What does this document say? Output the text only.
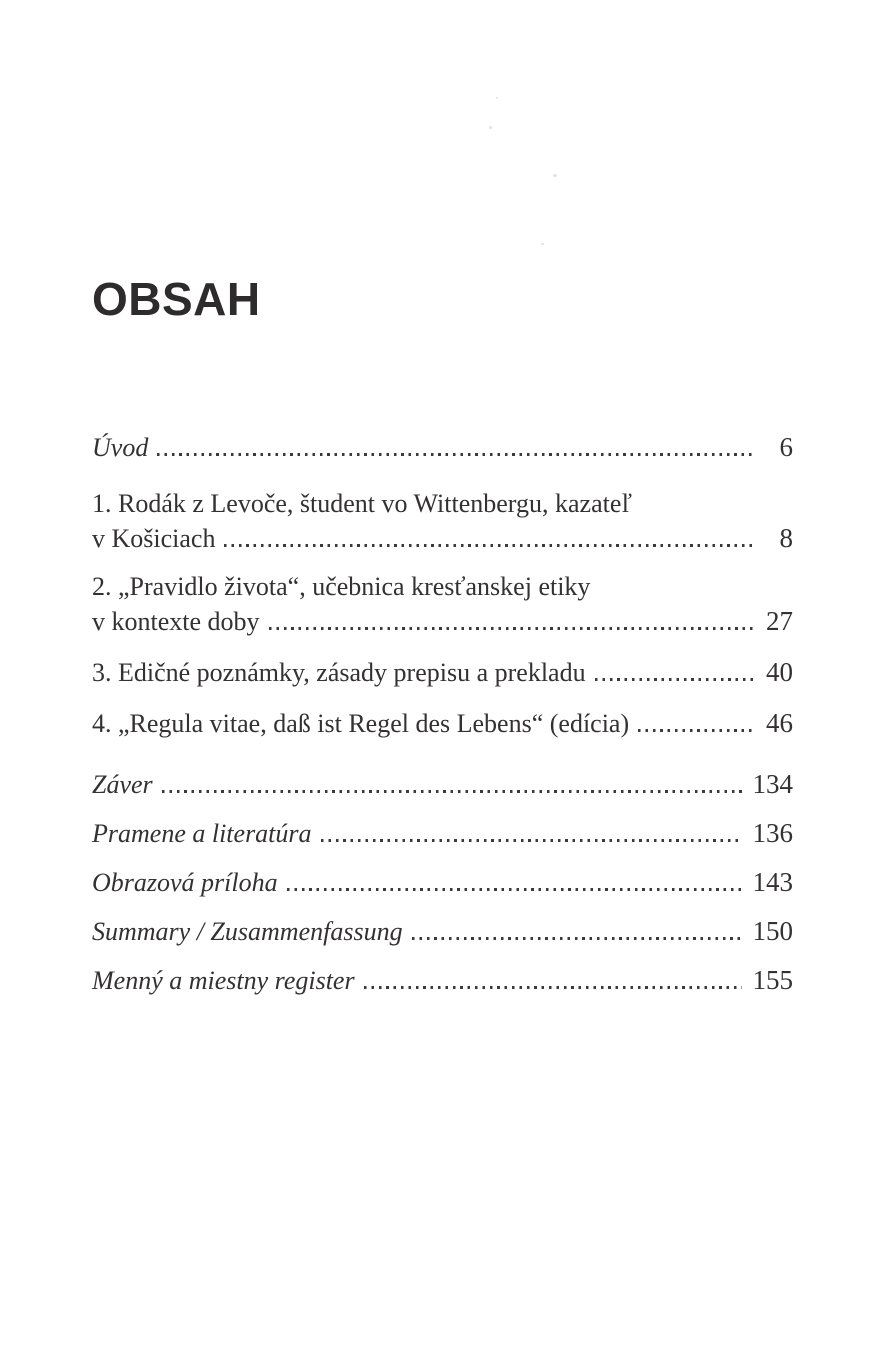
OBSAH
Úvod	6
1. Rodák z Levoče, študent vo Wittenbergu, kazateľ
v Košiciach	8
2. „Pravidlo života“, učebnica kresťanskej etiky
v kontexte doby	27
3. Edičné poznámky, zásady prepisu a prekladu	40
4. „Regula vitae, daß ist Regel des Lebens“ (edícia)	46
Záver	134
Pramene a literatúra	136
Obrazová príloha	143
Summary / Zusammenfassung	150
Menný a miestny register	155
